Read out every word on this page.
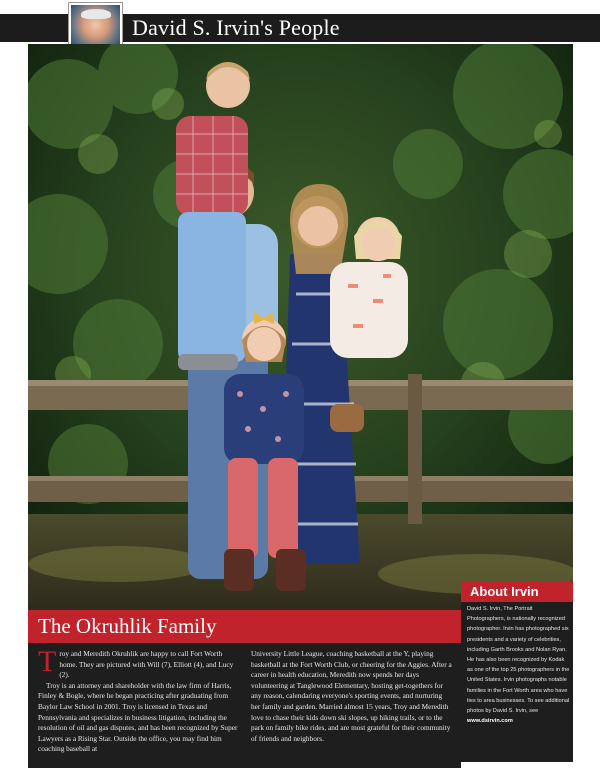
David S. Irvin's People
About Irvin
David S. Irvin, The Portrait Photographers, is nationally recognized photographer. Irvin has photographed six presidents and a variety of celebrities, including Garth Brooks and Nolan Ryan. He has also been recognized by Kodak as one of the top 25 photographers in the United States. Irvin photographs notable families in the Fort Worth area who have ties to area businesses. To see additional photos by David S. Irvin, see www.dsirvin.com
The Okruhlik Family

T roy and Meredith Okruhlik are happy to call Fort Worth home. They are pictured with Will (7), Elliott (4), and Lucy (2).

Troy is an attorney and shareholder with the law firm of Harris, Finley & Bogle, where he began practicing after graduating from Baylor Law School in 2001. Troy is licensed in Texas and Pennsylvania and specializes in business litigation, including the resolution of oil and gas disputes, and has been recognized by Super Lawyers as a Rising Star. Outside the office, you may find him coaching baseball at

University Little League, coaching basketball at the Y, playing basketball at the Fort Worth Club, or cheering for the Aggies. After a career in health education, Meredith now spends her days volunteering at Tanglewood Elementary, hosting get-togethers for any reason, calendaring everyone's sporting events, and nurturing her family and garden. Married almost 15 years, Troy and Meredith love to chase their kids down ski slopes, up hiking trails, or to the park on family bike rides, and are most grateful for their community of friends and neighbors.
